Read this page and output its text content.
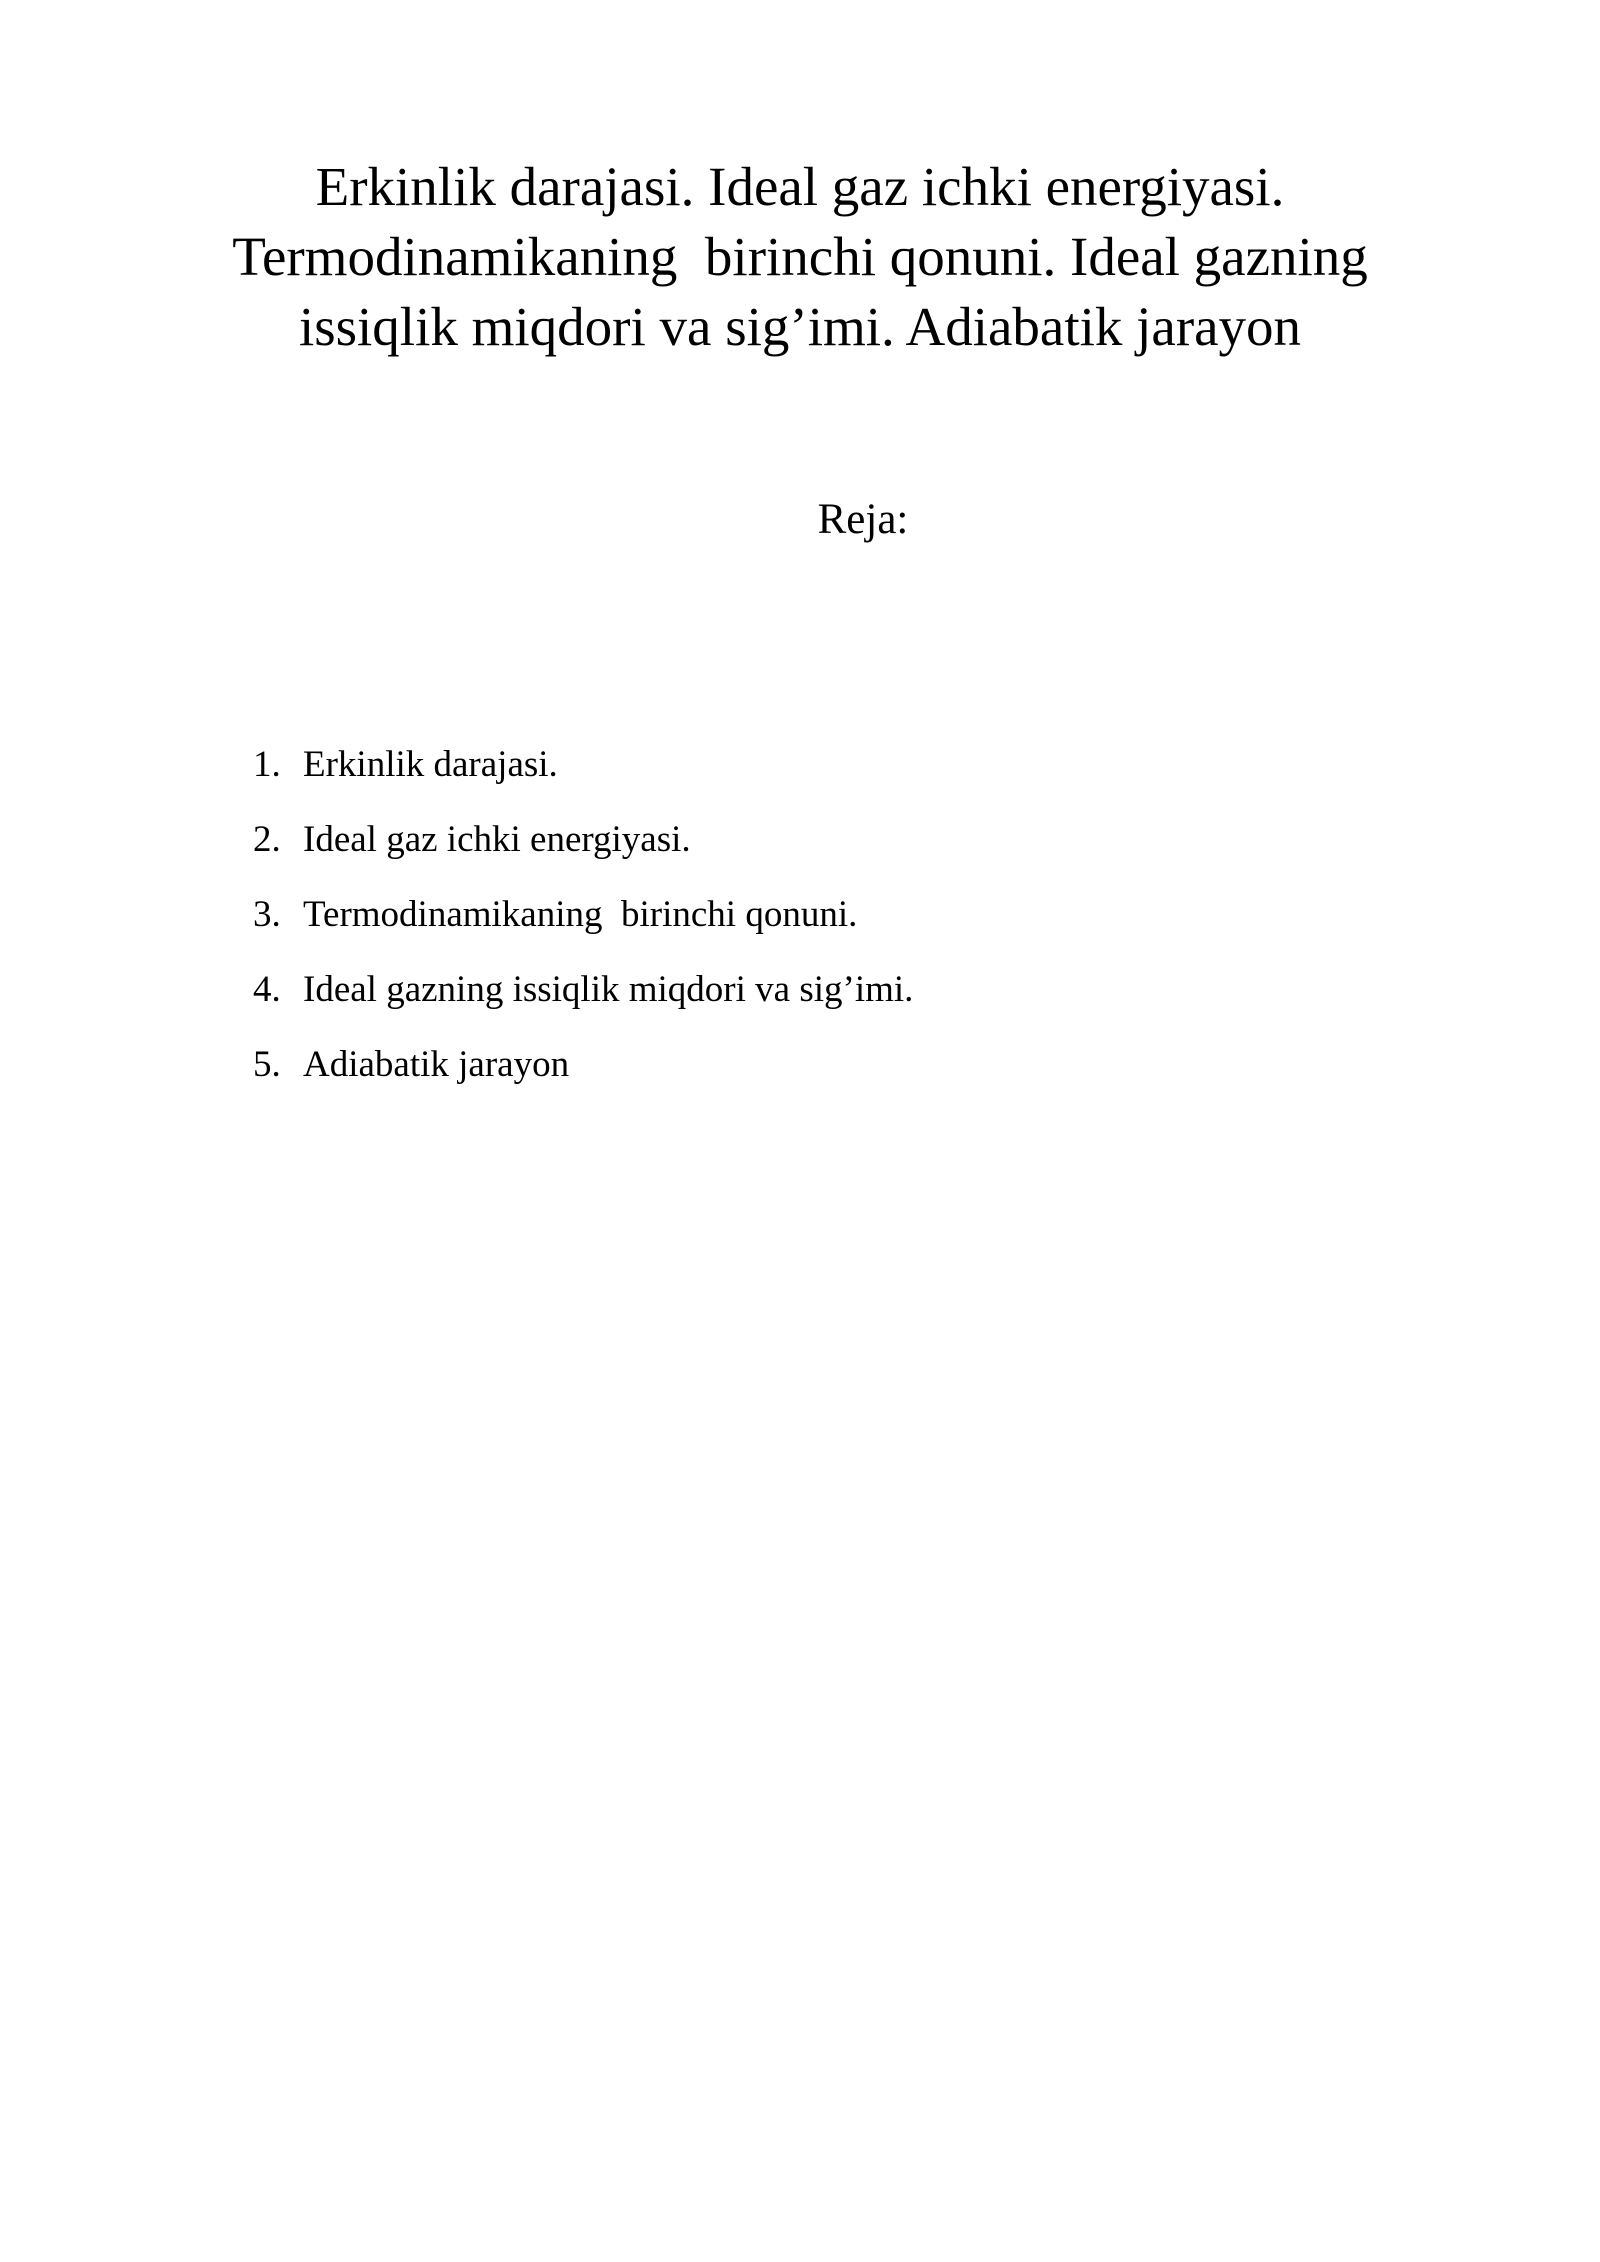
Erkinlik darajasi. Ideal gaz ichki energiyasi.
Termodinamikaning  birinchi qonuni. Ideal gazning
issiqlik miqdori va sig’imi. Adiabatik jarayon
Reja:
1. Erkinlik darajasi.
2. Ideal gaz ichki energiyasi.
3. Termodinamikaning  birinchi qonuni.
4. Ideal gazning issiqlik miqdori va sig’imi.
5. Adiabatik jarayon
